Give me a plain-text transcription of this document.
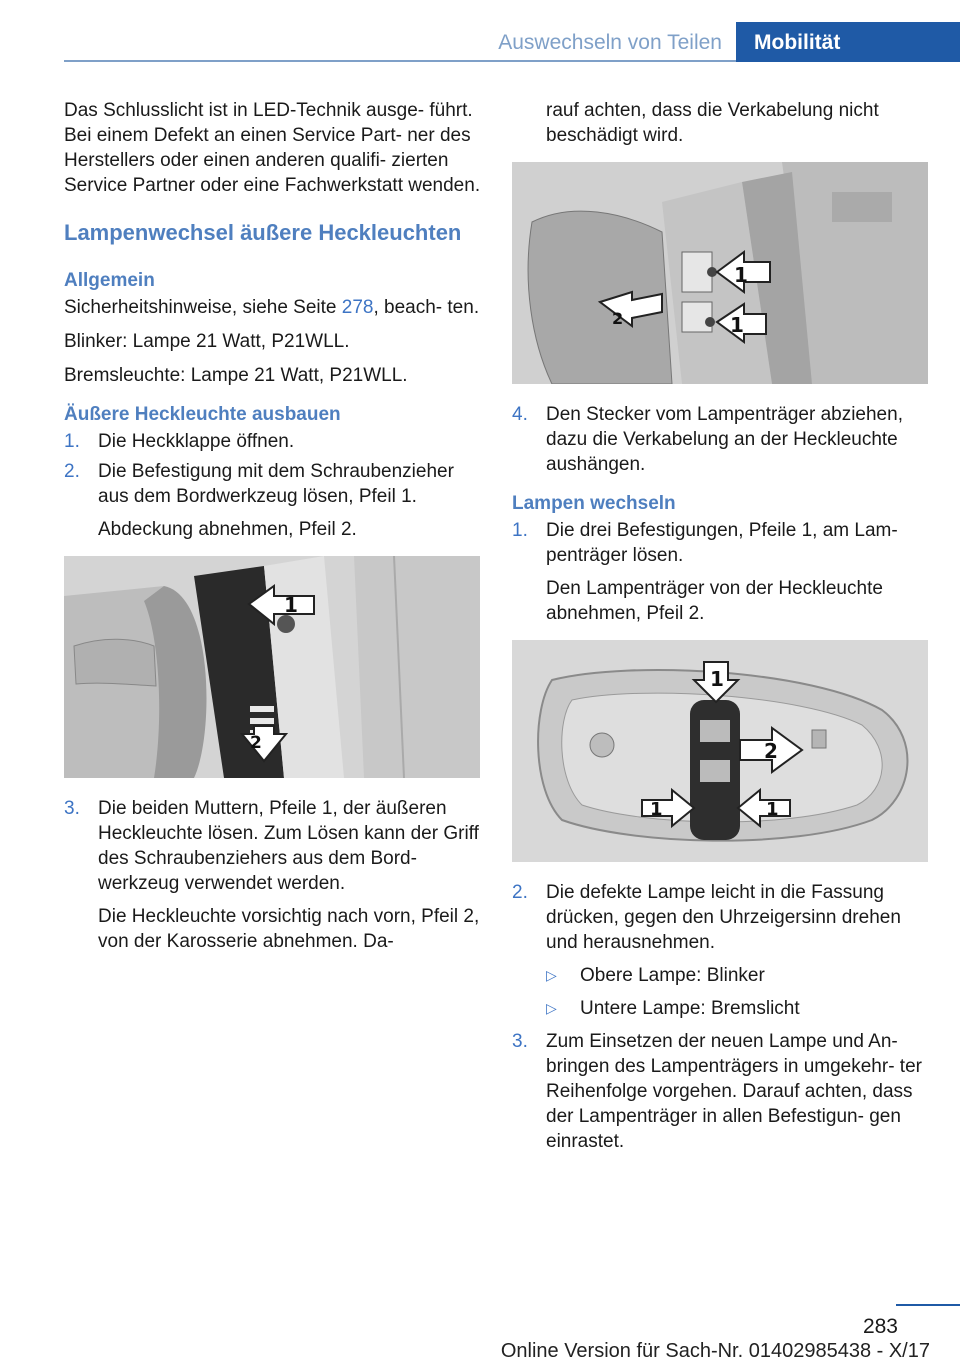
Auswechseln von Teilen	Mobilität

Das Schlusslicht ist in LED-Technik ausge‐ führt. Bei einem Defekt an einen Service Part‐ ner des Herstellers oder einen anderen qualifi‐ zierten Service Partner oder eine Fachwerkstatt wenden.

Lampenwechsel äußere Heckleuchten
Allgemein

Sicherheitshinweise, siehe Seite 278, beach‐ ten.

Blinker: Lampe 21 Watt, P21WLL.

Bremsleuchte: Lampe 21 Watt, P21WLL.

Äußere Heckleuchte ausbauen
1. Die Heckklappe öffnen.

2. Die Befestigung mit dem Schraubenzieher aus dem Bordwerkzeug lösen, Pfeil 1.

Abdeckung abnehmen, Pfeil 2.

1
2
3. Die beiden Muttern, Pfeile 1, der äußeren Heckleuchte lösen. Zum Lösen kann der Griff des Schraubenziehers aus dem Bord‐ werkzeug verwendet werden.

Die Heckleuchte vorsichtig nach vorn, Pfeil 2, von der Karosserie abnehmen. Da‐

rauf achten, dass die Verkabelung nicht beschädigt wird.

1
1
2
4. Den Stecker vom Lampenträger abziehen, dazu die Verkabelung an der Heckleuchte aushängen.

Lampen wechseln
1. Die drei Befestigungen, Pfeile 1, am Lam‐ penträger lösen.

Den Lampenträger von der Heckleuchte abnehmen, Pfeil 2.

1
2
1	1
2. Die defekte Lampe leicht in die Fassung drücken, gegen den Uhrzeigersinn drehen und herausnehmen.

▷	Obere Lampe: Blinker
▷	Untere Lampe: Bremslicht
3. Zum Einsetzen der neuen Lampe und An‐ bringen des Lampenträgers in umgekehr‐ ter Reihenfolge vorgehen. Darauf achten, dass der Lampenträger in allen Befestigun‐ gen einrastet.

283
Online Version für Sach-Nr. 01402985438 - X/17
